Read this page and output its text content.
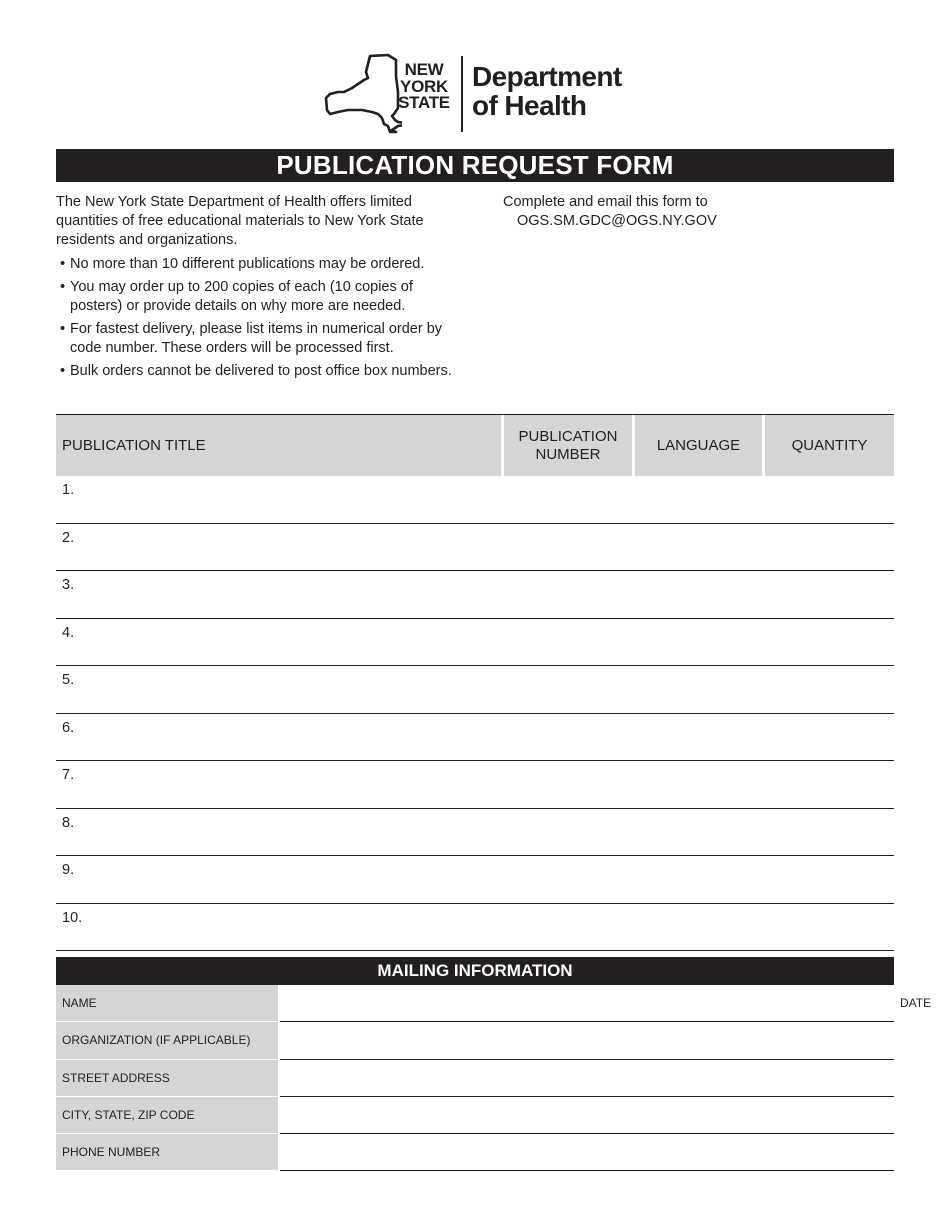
NEW
YORK
STATE
Department
of Health
PUBLICATION REQUEST FORM

The New York State Department of Health offers limited quantities of free educational materials to New York State residents and organizations.

• No more than 10 different publications may be ordered.
• You may order up to 200 copies of each (10 copies of posters) or provide details on why more are needed.
• For fastest delivery, please list items in numerical order by code number. These orders will be processed first.
• Bulk orders cannot be delivered to post office box numbers.
Complete and email this form to
OGS.SM.GDC@OGS.NY.GOV
PUBLICATION TITLE
PUBLICATION NUMBER
LANGUAGE	QUANTITY
1.
2.
3.
4.
5.
6.
7.
8.
9.
10.
MAILING INFORMATION
NAME	DATE
ORGANIZATION (IF APPLICABLE)
STREET ADDRESS
CITY, STATE, ZIP CODE
PHONE NUMBER
